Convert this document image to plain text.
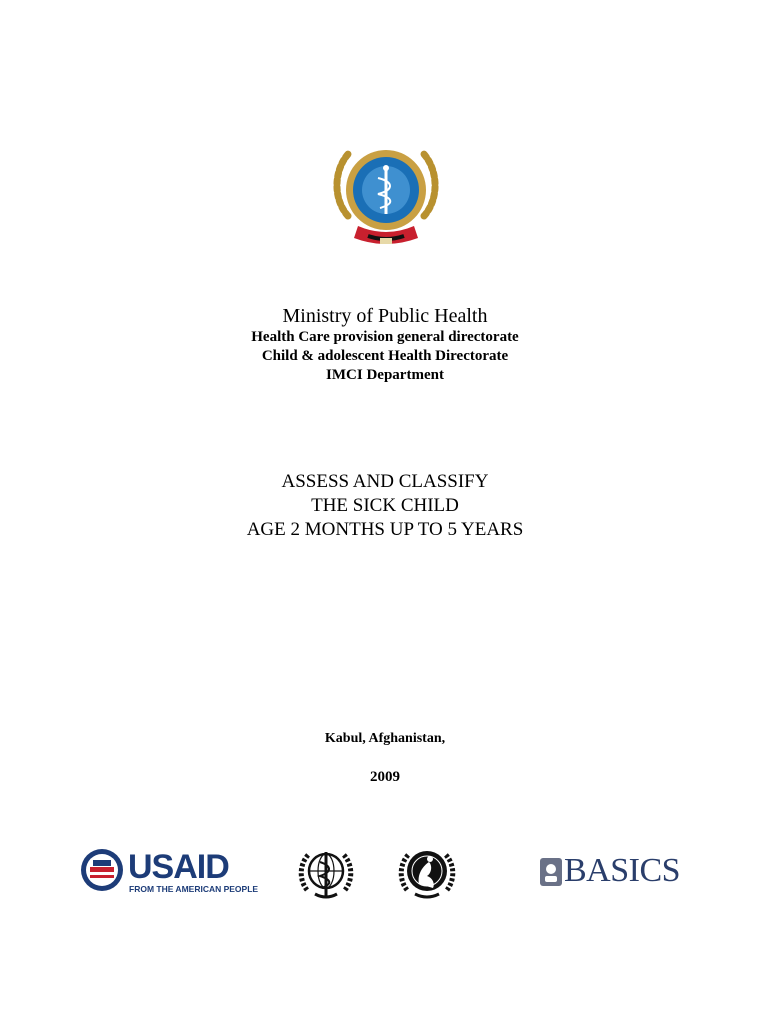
Ministry of Public Health
Health Care provision general directorate
Child & adolescent Health Directorate
IMCI Department
ASSESS AND CLASSIFY
THE SICK CHILD
AGE 2 MONTHS UP TO 5 YEARS
Kabul, Afghanistan,
2009
USAID
FROM THE AMERICAN PEOPLE	BASICS
